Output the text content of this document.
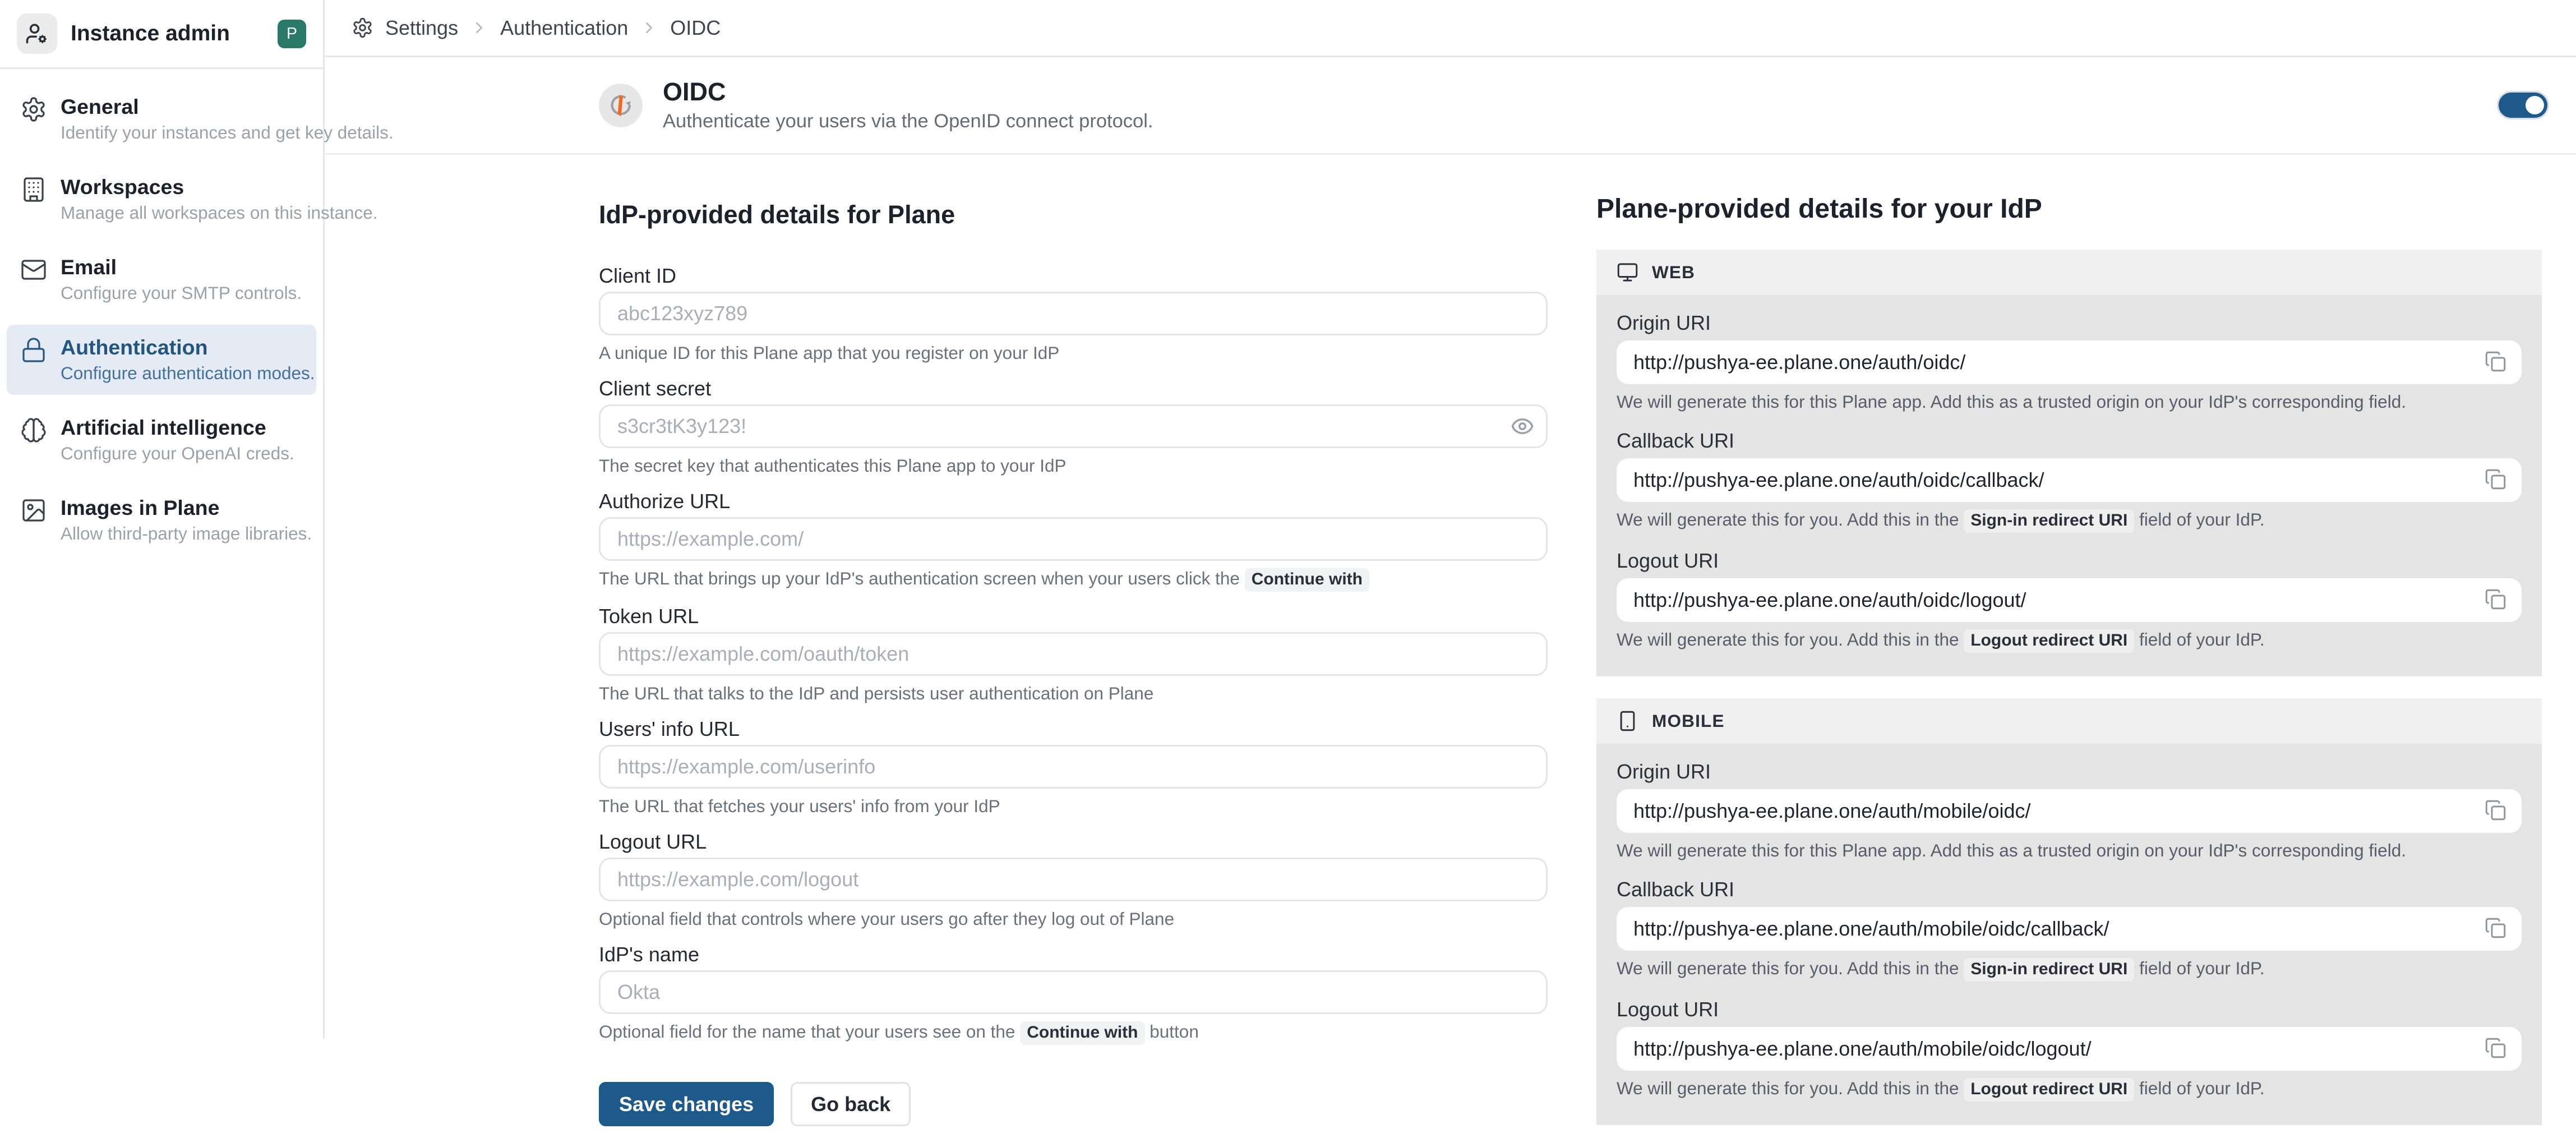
Instance admin	P
General
Identify your instances and get key details.
Workspaces
Manage all workspaces on this instance.
Email
Configure your SMTP controls.
Authentication
Configure authentication modes.
Artificial intelligence
Configure your OpenAI creds.
Images in Plane
Allow third-party image libraries.
Settings	Authentication	OIDC
OIDC
Authenticate your users via the OpenID connect protocol.
IdP-provided details for Plane
Client ID
abc123xyz789
A unique ID for this Plane app that you register on your IdP
Client secret
s3cr3tK3y123!
The secret key that authenticates this Plane app to your IdP
Authorize URL
https://example.com/
The URL that brings up your IdP's authentication screen when your users click the Continue with
Token URL
https://example.com/oauth/token
The URL that talks to the IdP and persists user authentication on Plane
Users' info URL
https://example.com/userinfo
The URL that fetches your users' info from your IdP
Logout URL
https://example.com/logout
Optional field that controls where your users go after they log out of Plane
IdP's name
Okta
Optional field for the name that your users see on the Continue with button
Save changes	Go back
Plane-provided details for your IdP
WEB
Origin URI
http://pushya-ee.plane.one/auth/oidc/
We will generate this for this Plane app. Add this as a trusted origin on your IdP's corresponding field.
Callback URI
http://pushya-ee.plane.one/auth/oidc/callback/
We will generate this for you. Add this in the Sign-in redirect URI field of your IdP.
Logout URI
http://pushya-ee.plane.one/auth/oidc/logout/
We will generate this for you. Add this in the Logout redirect URI field of your IdP.
MOBILE
Origin URI
http://pushya-ee.plane.one/auth/mobile/oidc/
We will generate this for this Plane app. Add this as a trusted origin on your IdP's corresponding field.
Callback URI
http://pushya-ee.plane.one/auth/mobile/oidc/callback/
We will generate this for you. Add this in the Sign-in redirect URI field of your IdP.
Logout URI
http://pushya-ee.plane.one/auth/mobile/oidc/logout/
We will generate this for you. Add this in the Logout redirect URI field of your IdP.
